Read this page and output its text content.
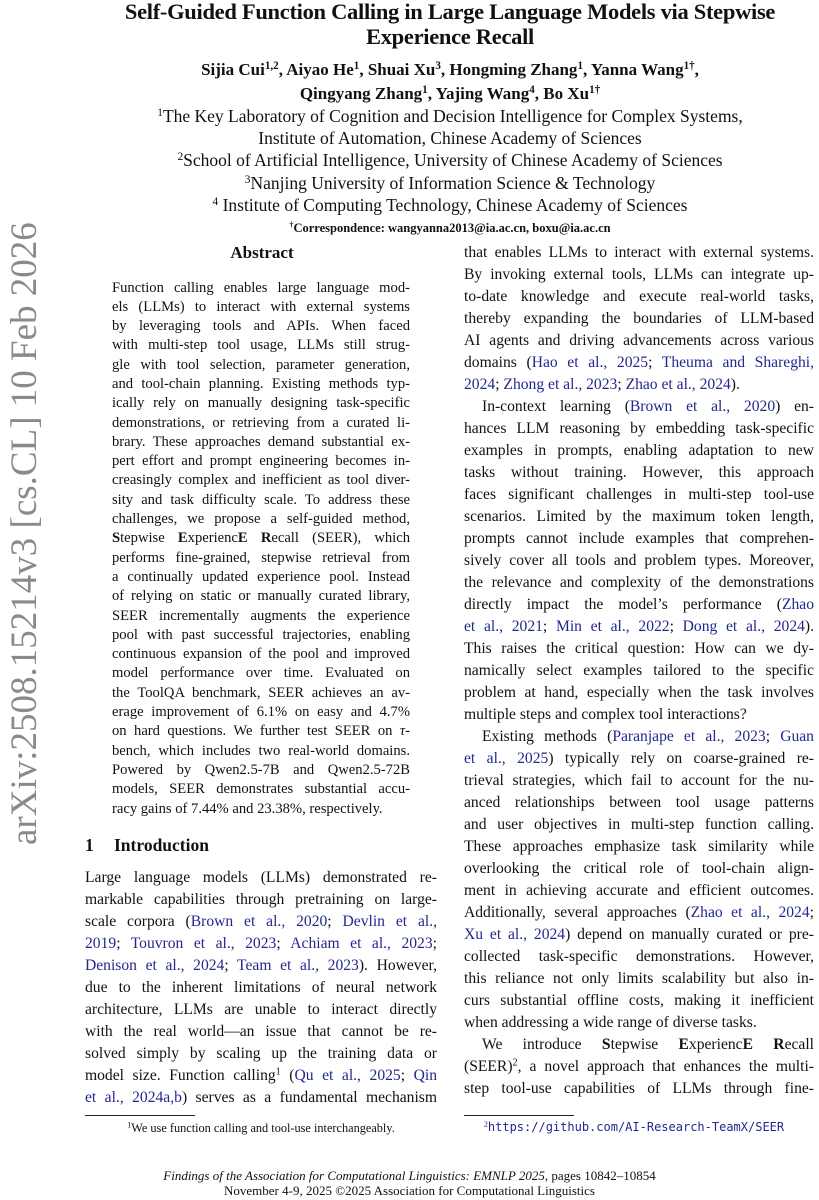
arXiv:2508.15214v3 [cs.CL] 10 Feb 2026
Self-Guided Function Calling in Large Language Models via Stepwise
Experience Recall
Sijia Cui$^{1,2}$, Aiyao He$^1$, Shuai Xu$^3$, Hongming Zhang$^1$, Yanna Wang$^{1\dagger}$,
Qingyang Zhang$^1$, Yajing Wang$^4$, Bo $Xu^{1\dagger}$
$^1$The Key Laboratory of Cognition and Decision Intelligence for Complex Systems,
Institute of Automation, Chinese Academy of Sciences
$^2$School of Artificial Intelligence, University of Chinese Academy of Sciences
$^3$Nanjing University of Information Science & Technology
$^4$ Institute of Computing Technology, Chinese Academy of Sciences
†Correspondence: wangyanna2013@ia.ac.cn, boxu@ia.ac.cn
Abstract
Function calling enables large language mod-
els (LLMs) to interact with external systems
by leveraging tools and APIs. When faced
with multi-step tool usage, LLMs still strug-
gle with tool selection, parameter generation,
and tool-chain planning. Existing methods typ-
ically rely on manually designing task-specific
demonstrations, or retrieving from a curated li-
brary. These approaches demand substantial ex-
pert effort and prompt engineering becomes in-
creasingly complex and inefficient as tool diver-
sity and task difficulty scale. To address these
challenges, we propose a self-guided method,
Stepwise ExperiencE Recall (SEER), which
performs fine-grained, stepwise retrieval from
a continually updated experience pool. Instead
of relying on static or manually curated library,
SEER incrementally augments the experience
pool with past successful trajectories, enabling
continuous expansion of the pool and improved
model performance over time. Evaluated on
the ToolQA benchmark, SEER achieves an av-
erage improvement of 6.1% on easy and 4.7%
on hard questions. We further test SEER on τ-
bench, which includes two real-world domains.
Powered by Qwen2.5-7B and Qwen2.5-72B
models, SEER demonstrates substantial accu-
racy gains of 7.44% and 23.38%, respectively.
1 Introduction
Large language models (LLMs) demonstrated re-
markable capabilities through pretraining on large-
scale corpora (Brown et al., 2020; Devlin et al.,
2019; Touvron et al., 2023; Achiam et al., 2023;
Denison et al., 2024; Team et al., 2023). However,
due to the inherent limitations of neural network
architecture, LLMs are unable to interact directly
with the real world—an issue that cannot be re-
solved simply by scaling up the training data or
model size. Function calling$^1$ (Qu et al., 2025; Qin
et al., 2024a,b) serves as a fundamental mechanism
that enables LLMs to interact with external systems.
By invoking external tools, LLMs can integrate up-
to-date knowledge and execute real-world tasks,
thereby expanding the boundaries of LLM-based
AI agents and driving advancements across various
domains (Hao et al., 2025; Theuma and Shareghi,
2024; Zhong et al., 2023; Zhao et al., 2024).
In-context learning (Brown et al., 2020) en-
hances LLM reasoning by embedding task-specific
examples in prompts, enabling adaptation to new
tasks without training. However, this approach
faces significant challenges in multi-step tool-use
scenarios. Limited by the maximum token length,
prompts cannot include examples that comprehen-
sively cover all tools and problem types. Moreover,
the relevance and complexity of the demonstrations
directly impact the model’s performance (Zhao
et al., 2021; Min et al., 2022; Dong et al., 2024).
This raises the critical question: How can we dy-
namically select examples tailored to the specific
problem at hand, especially when the task involves
multiple steps and complex tool interactions?
Existing methods (Paranjape et al., 2023; Guan
et al., 2025) typically rely on coarse-grained re-
trieval strategies, which fail to account for the nu-
anced relationships between tool usage patterns
and user objectives in multi-step function calling.
These approaches emphasize task similarity while
overlooking the critical role of tool-chain align-
ment in achieving accurate and efficient outcomes.
Additionally, several approaches (Zhao et al., 2024;
Xu et al., 2024) depend on manually curated or pre-
collected task-specific demonstrations. However,
this reliance not only limits scalability but also in-
curs substantial offline costs, making it inefficient
when addressing a wide range of diverse tasks.
We introduce Stepwise ExperiencE Recall
(SEER)$^2$, a novel approach that enhances the multi-
step tool-use capabilities of LLMs through fine-
$^1$We use function calling and tool-use interchangeably.	$^2$https://github.com/AI-Research-TeamX/SEER
Findings of the Association for Computational Linguistics: EMNLP 2025, pages 10842–10854
November 4-9, 2025 ©2025 Association for Computational Linguistics
